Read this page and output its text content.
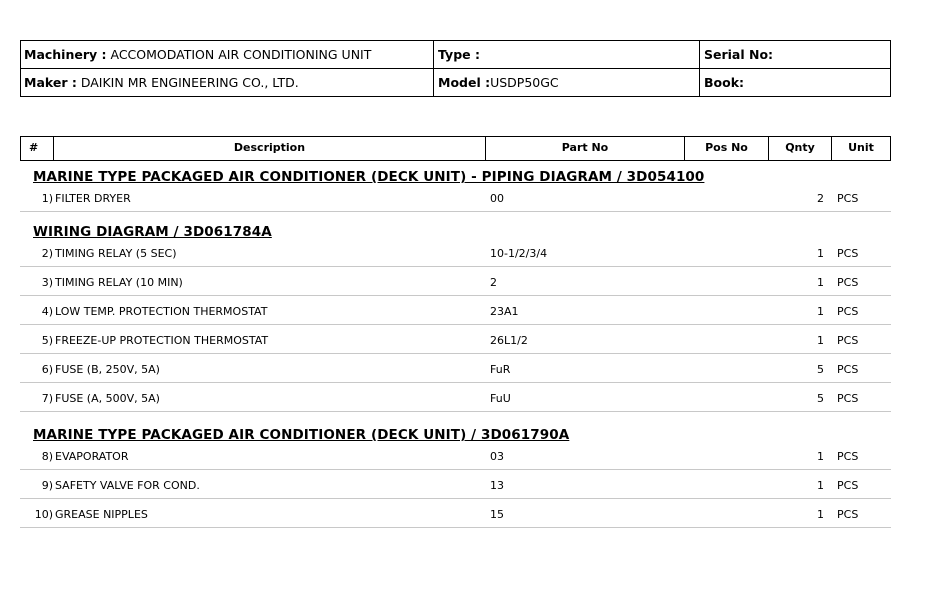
Machinery : ACCOMODATION AIR CONDITIONING UNIT	Type :	Serial No:
Maker : DAIKIN MR ENGINEERING CO., LTD.	Model :USDP50GC	Book:
#	Description	Part No	Pos No	Qnty	Unit
MARINE TYPE PACKAGED AIR CONDITIONER (DECK UNIT) - PIPING DIAGRAM / 3D054100
1) FILTER DRYER	00	2 PCS
WIRING DIAGRAM / 3D061784A
2) TIMING RELAY (5 SEC)	10-1/2/3/4	1 PCS
3) TIMING RELAY (10 MIN)	2	1 PCS
4) LOW TEMP. PROTECTION THERMOSTAT	23A1	1 PCS
5) FREEZE-UP PROTECTION THERMOSTAT	26L1/2	1 PCS
6) FUSE (B, 250V, 5A)	FuR	5 PCS
7) FUSE (A, 500V, 5A)	FuU	5 PCS
MARINE TYPE PACKAGED AIR CONDITIONER (DECK UNIT) / 3D061790A
8) EVAPORATOR	03	1 PCS
9) SAFETY VALVE FOR COND.	13	1 PCS
10) GREASE NIPPLES	15	1 PCS
